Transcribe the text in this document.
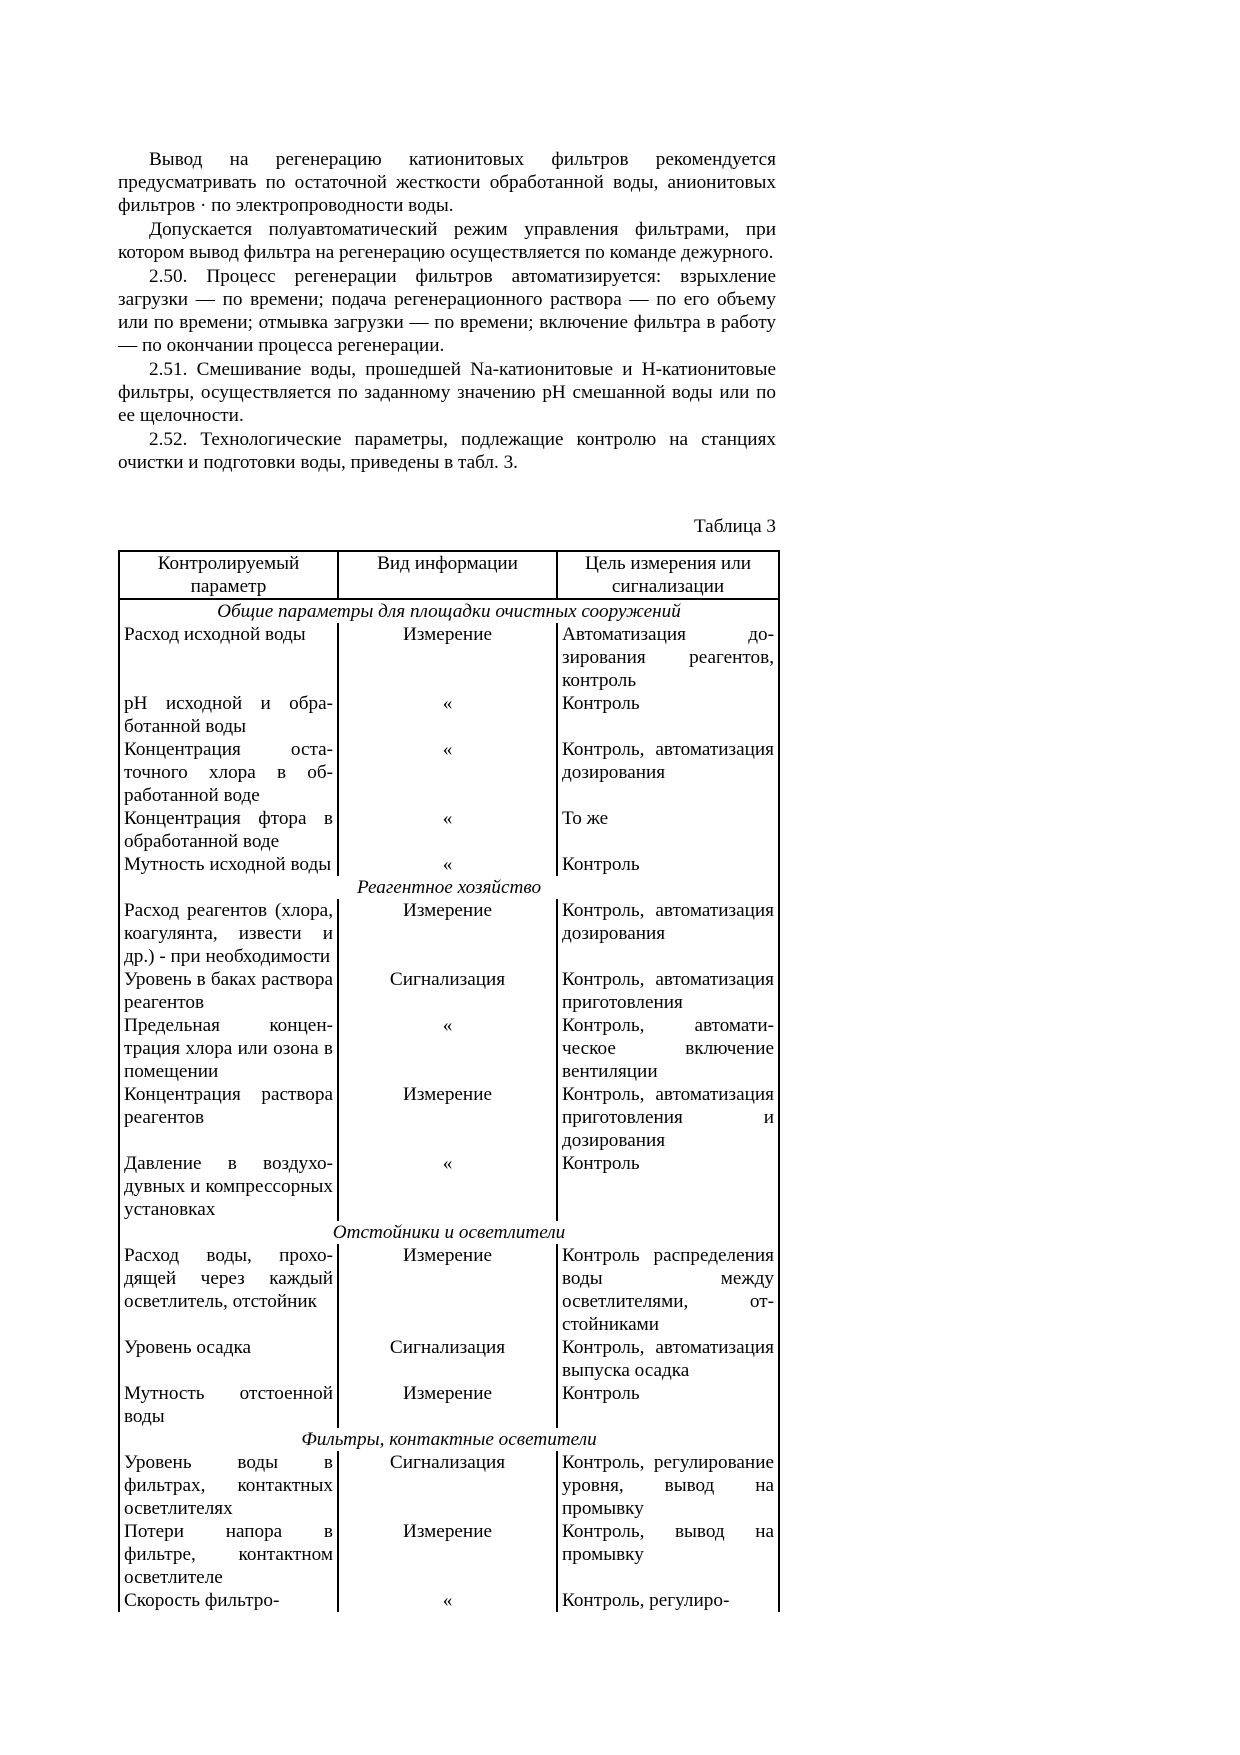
Вывод на регенерацию катионитовых фильтров рекомендуется предусматривать по остаточной жесткости обработанной воды, анионитовых фильтров · по электропроводности воды.

Допускается полуавтоматический режим управления фильтрами, при котором вывод фильтра на регенерацию осуществляется по команде дежурного.

2.50. Процесс регенерации фильтров автоматизируется: взрыхление загрузки — по времени; подача регенерационного раствора — по его объему или по времени; отмывка загрузки — по времени; включение фильтра в работу — по окончании процесса регенерации.

2.51. Смешивание воды, прошедшей Na-катионитовые и H-катионитовые фильтры, осуществляется по заданному значению pH смешанной воды или по ее щелочности.

2.52. Технологические параметры, подлежащие контролю на станциях очистки и подготовки воды, приведены в табл. 3.

Таблица 3
Контролируемый параметр	Вид информации	Цель измерения или сигнализации
Общие параметры для площадки очистных сооружений		
Расход исходной воды	Измерение	Автоматизация дозирования реагентов, контроль
pH исходной и обработанной воды	«	Контроль
Концентрация остаточного хлора в обработанной воде	«	Контроль, автоматизация дозирования
Концентрация фтора в обработанной воде	«	То же
Мутность исходной воды	«	Контроль
Реагентное хозяйство		
Расход реагентов (хлора, коагулянта, извести и др.) - при необходимости	Измерение	Контроль, автоматизация дозирования
Уровень в баках раствора реагентов	Сигнализация	Контроль, автоматизация приготовления
Предельная концентрация хлора или озона в помещении	«	Контроль, автоматическое включение вентиляции
Концентрация раствора реагентов	Измерение	Контроль, автоматизация приготовления и дозирования
Давление в воздуходувных и компрессорных установках	«	Контроль
Отстойники и осветлители		
Расход воды, проходящей через каждый осветлитель, отстойник	Измерение	Контроль распределения воды между осветлителями, отстойниками
Уровень осадка	Сигнализация	Контроль, автоматизация выпуска осадка
Мутность отстоенной воды	Измерение	Контроль
Фильтры, контактные осветители		
Уровень воды в фильтрах, контактных осветлителях	Сигнализация	Контроль, регулирование уровня, вывод на промывку
Потери напора в фильтре, контактном осветлителе	Измерение	Контроль, вывод на промывку
Скорость фильтро-	«	Контроль, регулиро-
